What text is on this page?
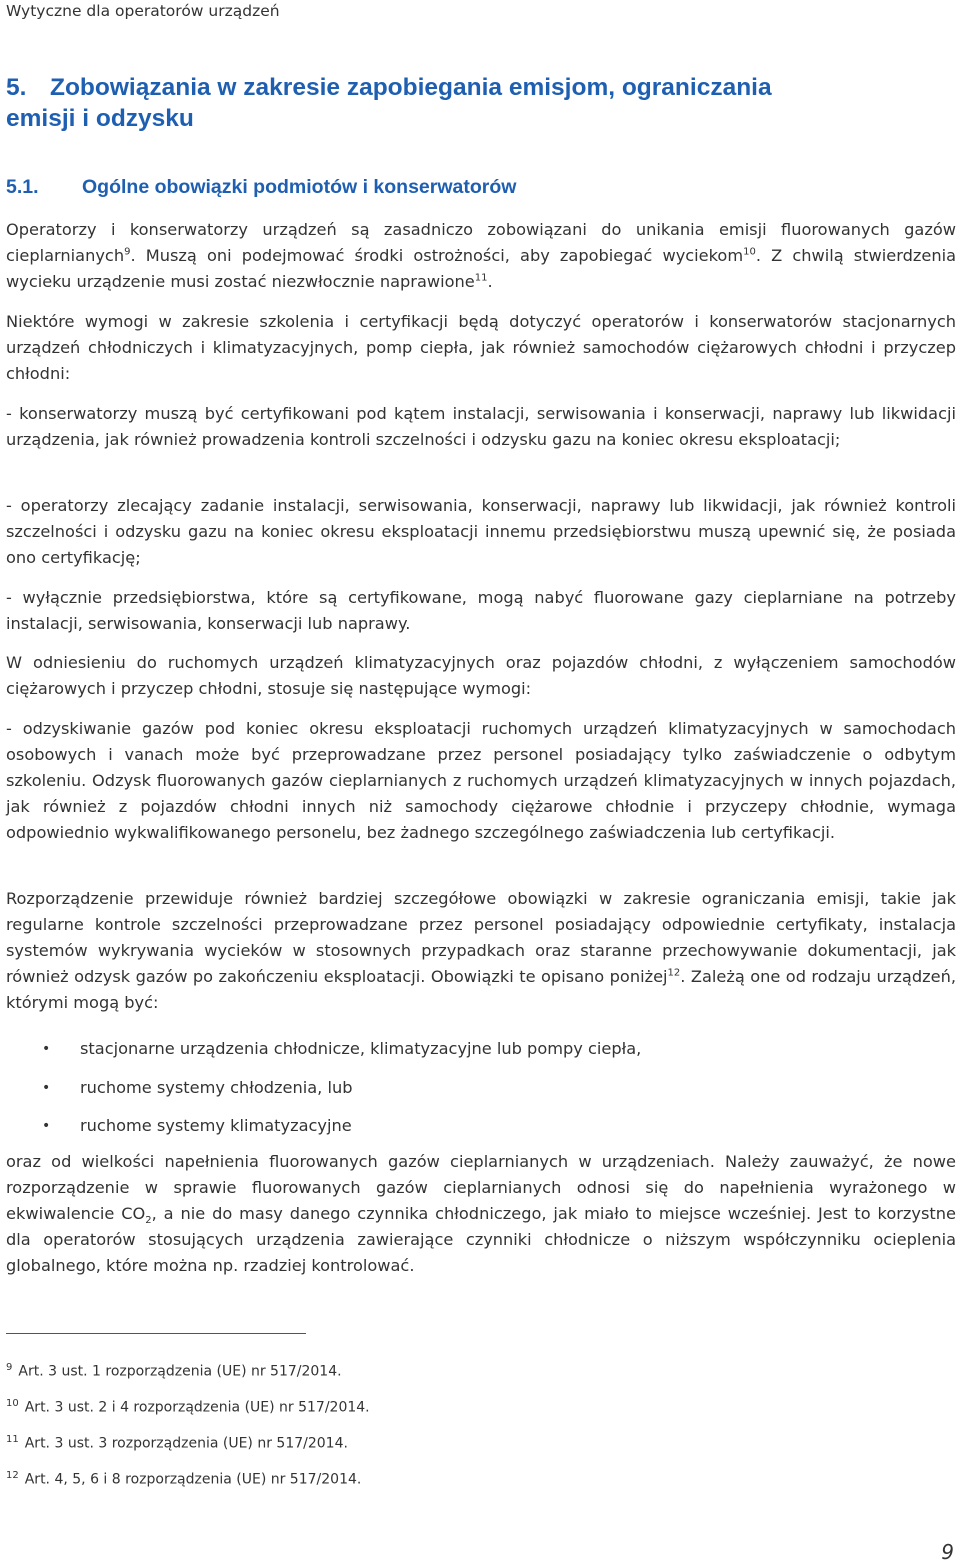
Wytyczne dla operatorów urządzeń
5. Zobowiązania w zakresie zapobiegania emisjom, ograniczania
emisji i odzysku
5.1. Ogólne obowiązki podmiotów i konserwatorów
Operatorzy i konserwatorzy urządzeń są zasadniczo zobowiązani do unikania emisji fluorowanych gazów cieplarnianych$^9$. Muszą oni podejmować środki ostrożności, aby zapobiegać wyciekom$^{10}$. Z chwilą stwierdzenia wycieku urządzenie musi zostać niezwłocznie naprawione$^{11}$.
Niektóre wymogi w zakresie szkolenia i certyfikacji będą dotyczyć operatorów i konserwatorów stacjonarnych urządzeń chłodniczych i klimatyzacyjnych, pomp ciepła, jak również samochodów ciężarowych chłodni i przyczep chłodni:
- konserwatorzy muszą być certyfikowani pod kątem instalacji, serwisowania i konserwacji, naprawy lub likwidacji urządzenia, jak również prowadzenia kontroli szczelności i odzysku gazu na koniec okresu eksploatacji;
- operatorzy zlecający zadanie instalacji, serwisowania, konserwacji, naprawy lub likwidacji, jak również kontroli szczelności i odzysku gazu na koniec okresu eksploatacji innemu przedsiębiorstwu muszą upewnić się, że posiada ono certyfikację;
- wyłącznie przedsiębiorstwa, które są certyfikowane, mogą nabyć fluorowane gazy cieplarniane na potrzeby instalacji, serwisowania, konserwacji lub naprawy.
W odniesieniu do ruchomych urządzeń klimatyzacyjnych oraz pojazdów chłodni, z wyłączeniem samochodów ciężarowych i przyczep chłodni, stosuje się następujące wymogi:
- odzyskiwanie gazów pod koniec okresu eksploatacji ruchomych urządzeń klimatyzacyjnych w samochodach osobowych i vanach może być przeprowadzane przez personel posiadający tylko zaświadczenie o odbytym szkoleniu. Odzysk fluorowanych gazów cieplarnianych z ruchomych urządzeń klimatyzacyjnych w innych pojazdach, jak również z pojazdów chłodni innych niż samochody ciężarowe chłodnie i przyczepy chłodnie, wymaga odpowiednio wykwalifikowanego personelu, bez żadnego szczególnego zaświadczenia lub certyfikacji.
Rozporządzenie przewiduje również bardziej szczegółowe obowiązki w zakresie ograniczania emisji, takie jak regularne kontrole szczelności przeprowadzane przez personel posiadający odpowiednie certyfikaty, instalacja systemów wykrywania wycieków w stosownych przypadkach oraz staranne przechowywanie dokumentacji, jak również odzysk gazów po zakończeniu eksploatacji. Obowiązki te opisano poniżej$^{12}$. Zależą one od rodzaju urządzeń, którymi mogą być:
• stacjonarne urządzenia chłodnicze, klimatyzacyjne lub pompy ciepła,
• ruchome systemy chłodzenia, lub
• ruchome systemy klimatyzacyjne
oraz od wielkości napełnienia fluorowanych gazów cieplarnianych w urządzeniach. Należy zauważyć, że nowe rozporządzenie w sprawie fluorowanych gazów cieplarnianych odnosi się do napełnienia wyrażonego w ekwiwalencie $CO_2$, a nie do masy danego czynnika chłodniczego, jak miało to miejsce wcześniej. Jest to korzystne dla operatorów stosujących urządzenia zawierające czynniki chłodnicze o niższym współczynniku ocieplenia globalnego, które można np. rzadziej kontrolować.
$^9$ Art. 3 ust. 1 rozporządzenia (UE) nr 517/2014.
$^{10}$ Art. 3 ust. 2 i 4 rozporządzenia (UE) nr 517/2014.
$^{11}$ Art. 3 ust. 3 rozporządzenia (UE) nr 517/2014.
$^{12}$ Art. 4, 5, 6 i 8 rozporządzenia (UE) nr 517/2014.
9
